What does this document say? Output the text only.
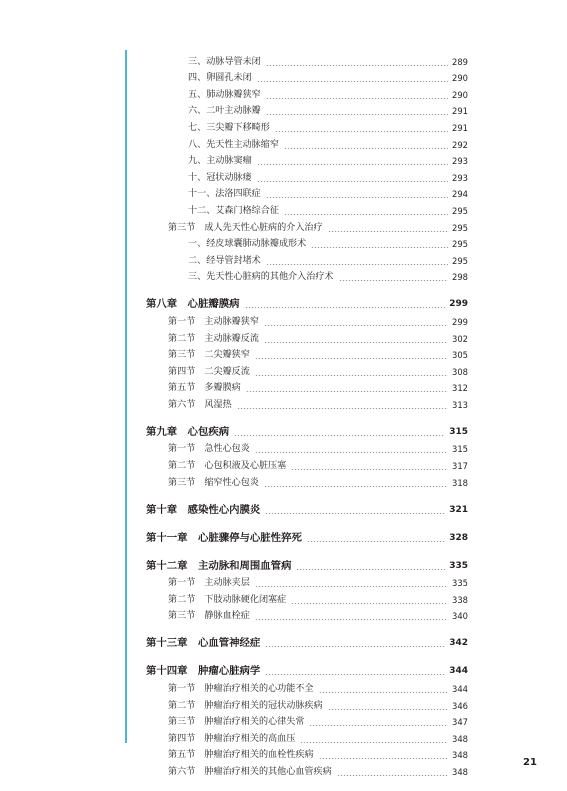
三、动脉导管未闭	289
四、卵圆孔未闭	290
五、肺动脉瓣狭窄	290
六、二叶主动脉瓣	291
七、三尖瓣下移畸形	291
八、先天性主动脉缩窄	292
九、主动脉窦瘤	293
十、冠状动脉瘘	293
十一、法洛四联症	294
十二、艾森门格综合征	295
第三节　成人先天性心脏病的介入治疗	295
一、经皮球囊肺动脉瓣成形术	295
二、经导管封堵术	295
三、先天性心脏病的其他介入治疗术	298
第八章　心脏瓣膜病	299
第一节　主动脉瓣狭窄	299
第二节　主动脉瓣反流	302
第三节　二尖瓣狭窄	305
第四节　二尖瓣反流	308
第五节　多瓣膜病	312
第六节　风湿热	313
第九章　心包疾病	315
第一节　急性心包炎	315
第二节　心包积液及心脏压塞	317
第三节　缩窄性心包炎	318
第十章　感染性心内膜炎	321
第十一章　心脏骤停与心脏性猝死	328
第十二章　主动脉和周围血管病	335
第一节　主动脉夹层	335
第二节　下肢动脉硬化闭塞症	338
第三节　静脉血栓症	340
第十三章　心血管神经症	342
第十四章　肿瘤心脏病学	344
第一节　肿瘤治疗相关的心功能不全	344
第二节　肿瘤治疗相关的冠状动脉疾病	346
第三节　肿瘤治疗相关的心律失常	347
第四节　肿瘤治疗相关的高血压	348
第五节　肿瘤治疗相关的血栓性疾病	348
第六节　肿瘤治疗相关的其他心血管疾病	348
21
